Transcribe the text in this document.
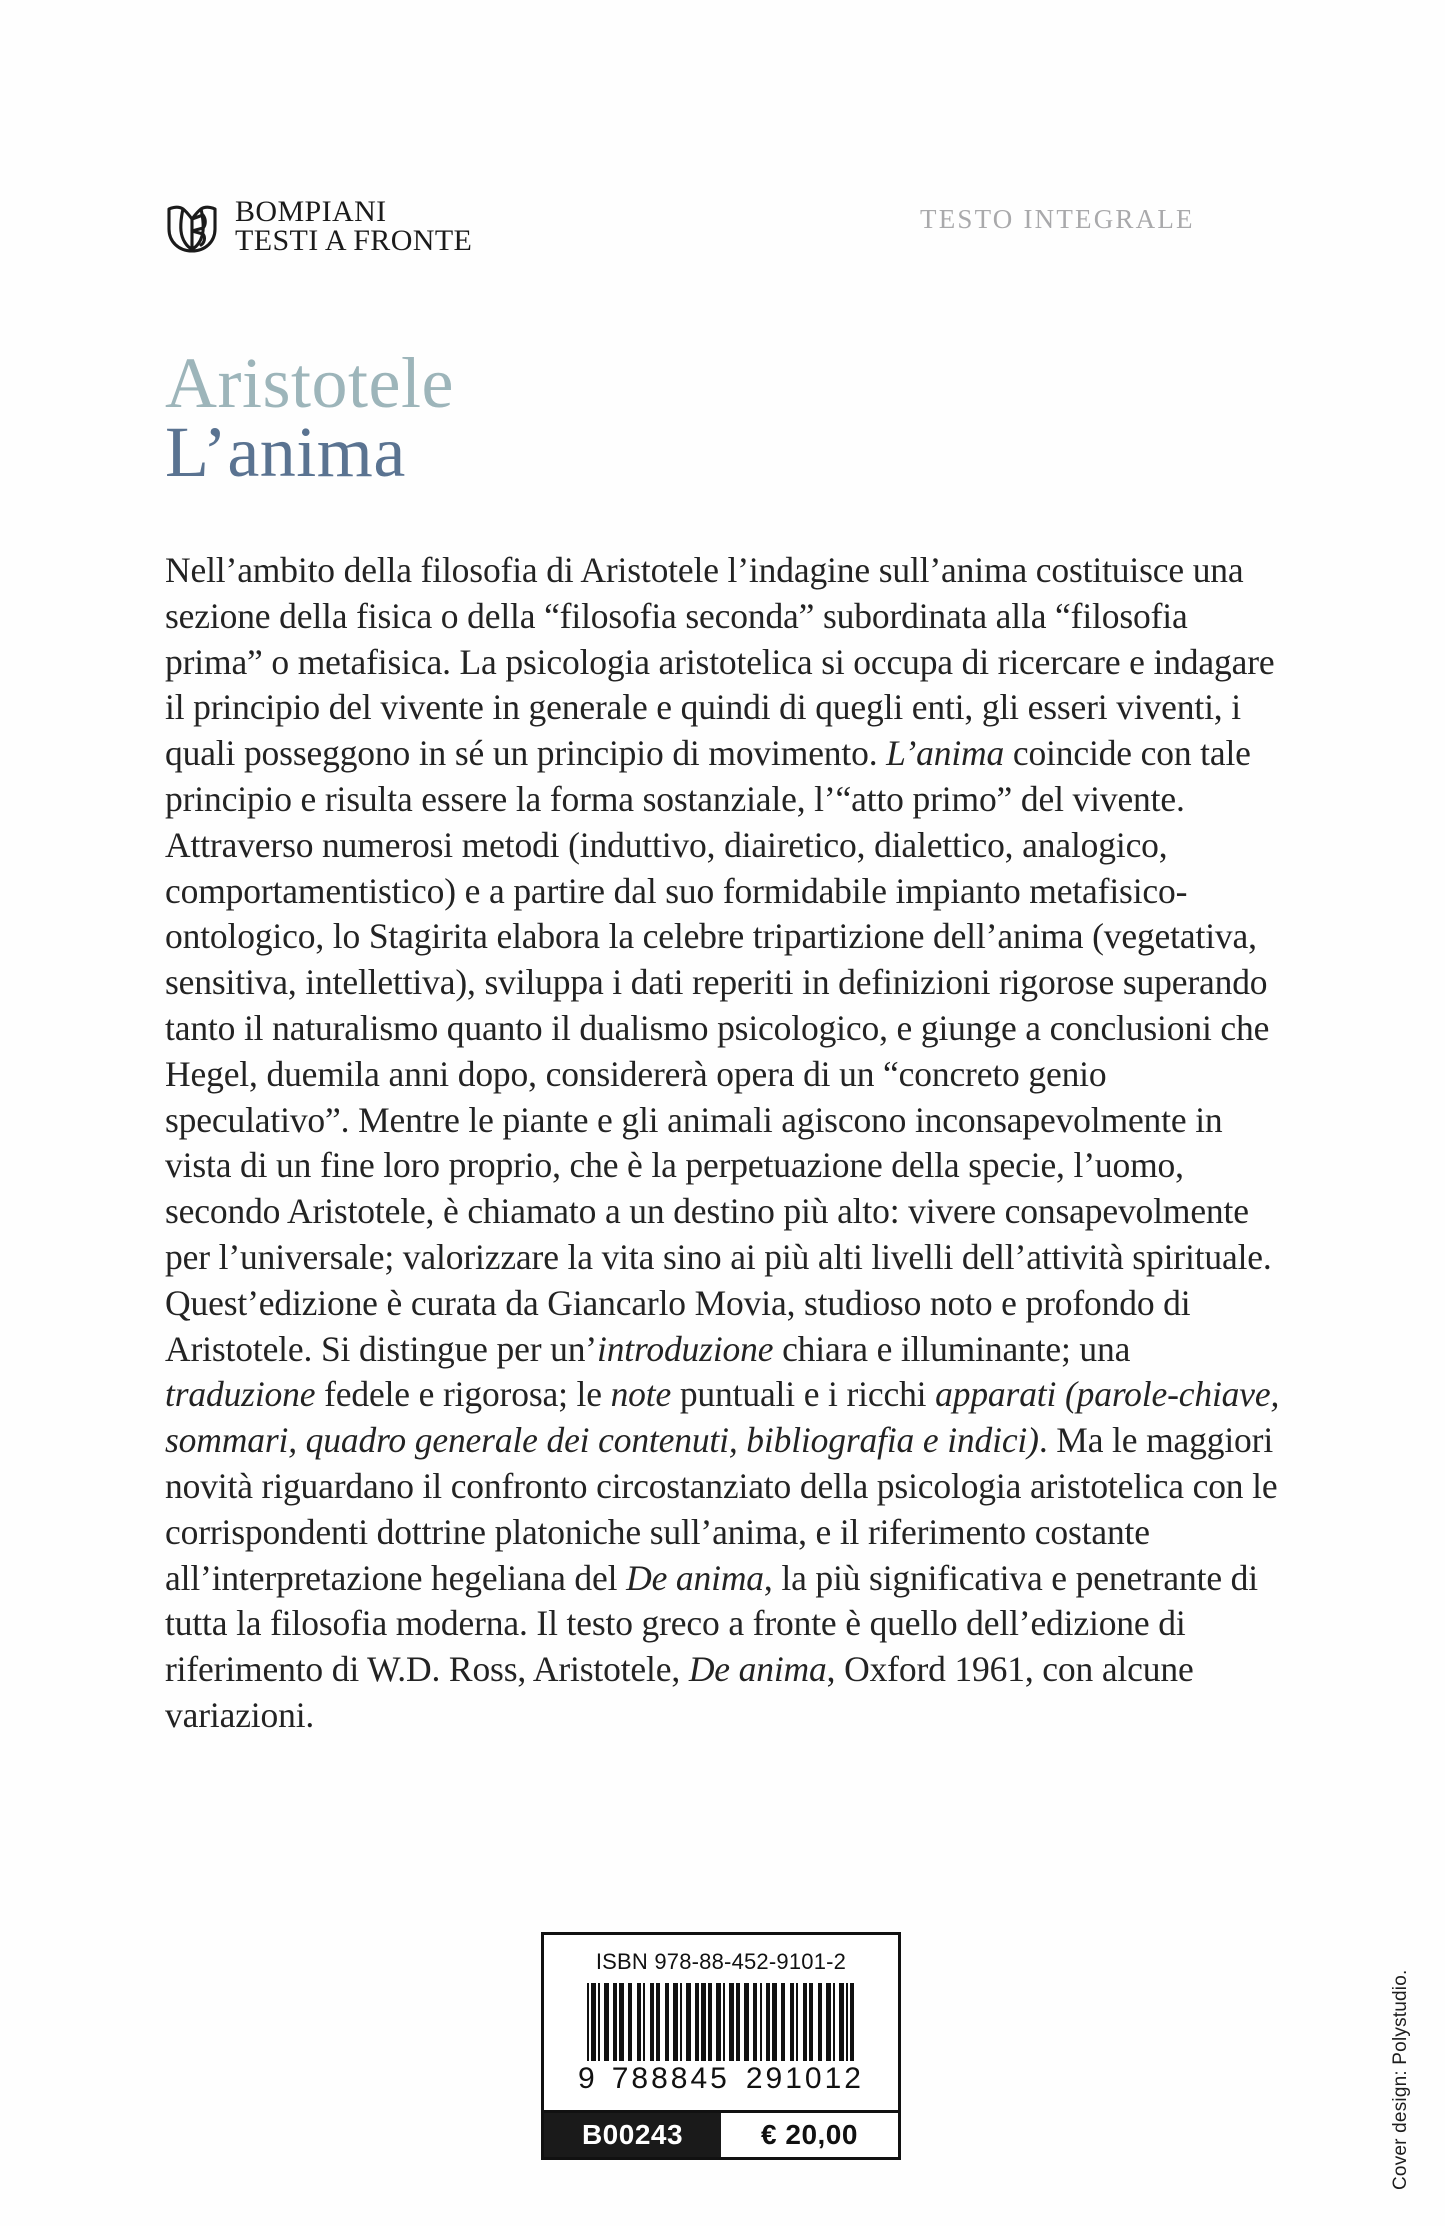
BOMPIANI
TESTI A FRONTE
TESTO INTEGRALE
Aristotele
L’anima

Nell’ambito della filosofia di Aristotele l’indagine sull’anima costituisce una sezione della fisica o della “filosofia seconda” subordinata alla “filosofia prima” o metafisica. La psicologia aristotelica si occupa di ricercare e indagare il principio del vivente in generale e quindi di quegli enti, gli esseri viventi, i quali posseggono in sé un principio di movimento. L’anima coincide con tale principio e risulta essere la forma sostanziale, l’“atto primo” del vivente. Attraverso numerosi metodi (induttivo, diairetico, dialettico, analogico, comportamentistico) e a partire dal suo formidabile impianto metafisico-ontologico, lo Stagirita elabora la celebre tripartizione dell’anima (vegetativa, sensitiva, intellettiva), sviluppa i dati reperiti in definizioni rigorose superando tanto il naturalismo quanto il dualismo psicologico, e giunge a conclusioni che Hegel, duemila anni dopo, considererà opera di un “concreto genio speculativo”. Mentre le piante e gli animali agiscono inconsapevolmente in vista di un fine loro proprio, che è la perpetuazione della specie, l’uomo, secondo Aristotele, è chiamato a un destino più alto: vivere consapevolmente per l’universale; valorizzare la vita sino ai più alti livelli dell’attività spirituale. Quest’edizione è curata da Giancarlo Movia, studioso noto e profondo di Aristotele. Si distingue per un’introduzione chiara e illuminante; una traduzione fedele e rigorosa; le note puntuali e i ricchi apparati (parole-chiave, sommari, quadro generale dei contenuti, bibliografia e indici). Ma le maggiori novità riguardano il confronto circostanziato della psicologia aristotelica con le corrispondenti dottrine platoniche sull’anima, e il riferimento costante all’interpretazione hegeliana del De anima, la più significativa e penetrante di tutta la filosofia moderna. Il testo greco a fronte è quello dell’edizione di riferimento di W.D. Ross, Aristotele, De anima, Oxford 1961, con alcune variazioni.

ISBN 978-88-452-9101-2
9 788845 291012
B00243	€ 20,00	Cover design: Polystudio.
